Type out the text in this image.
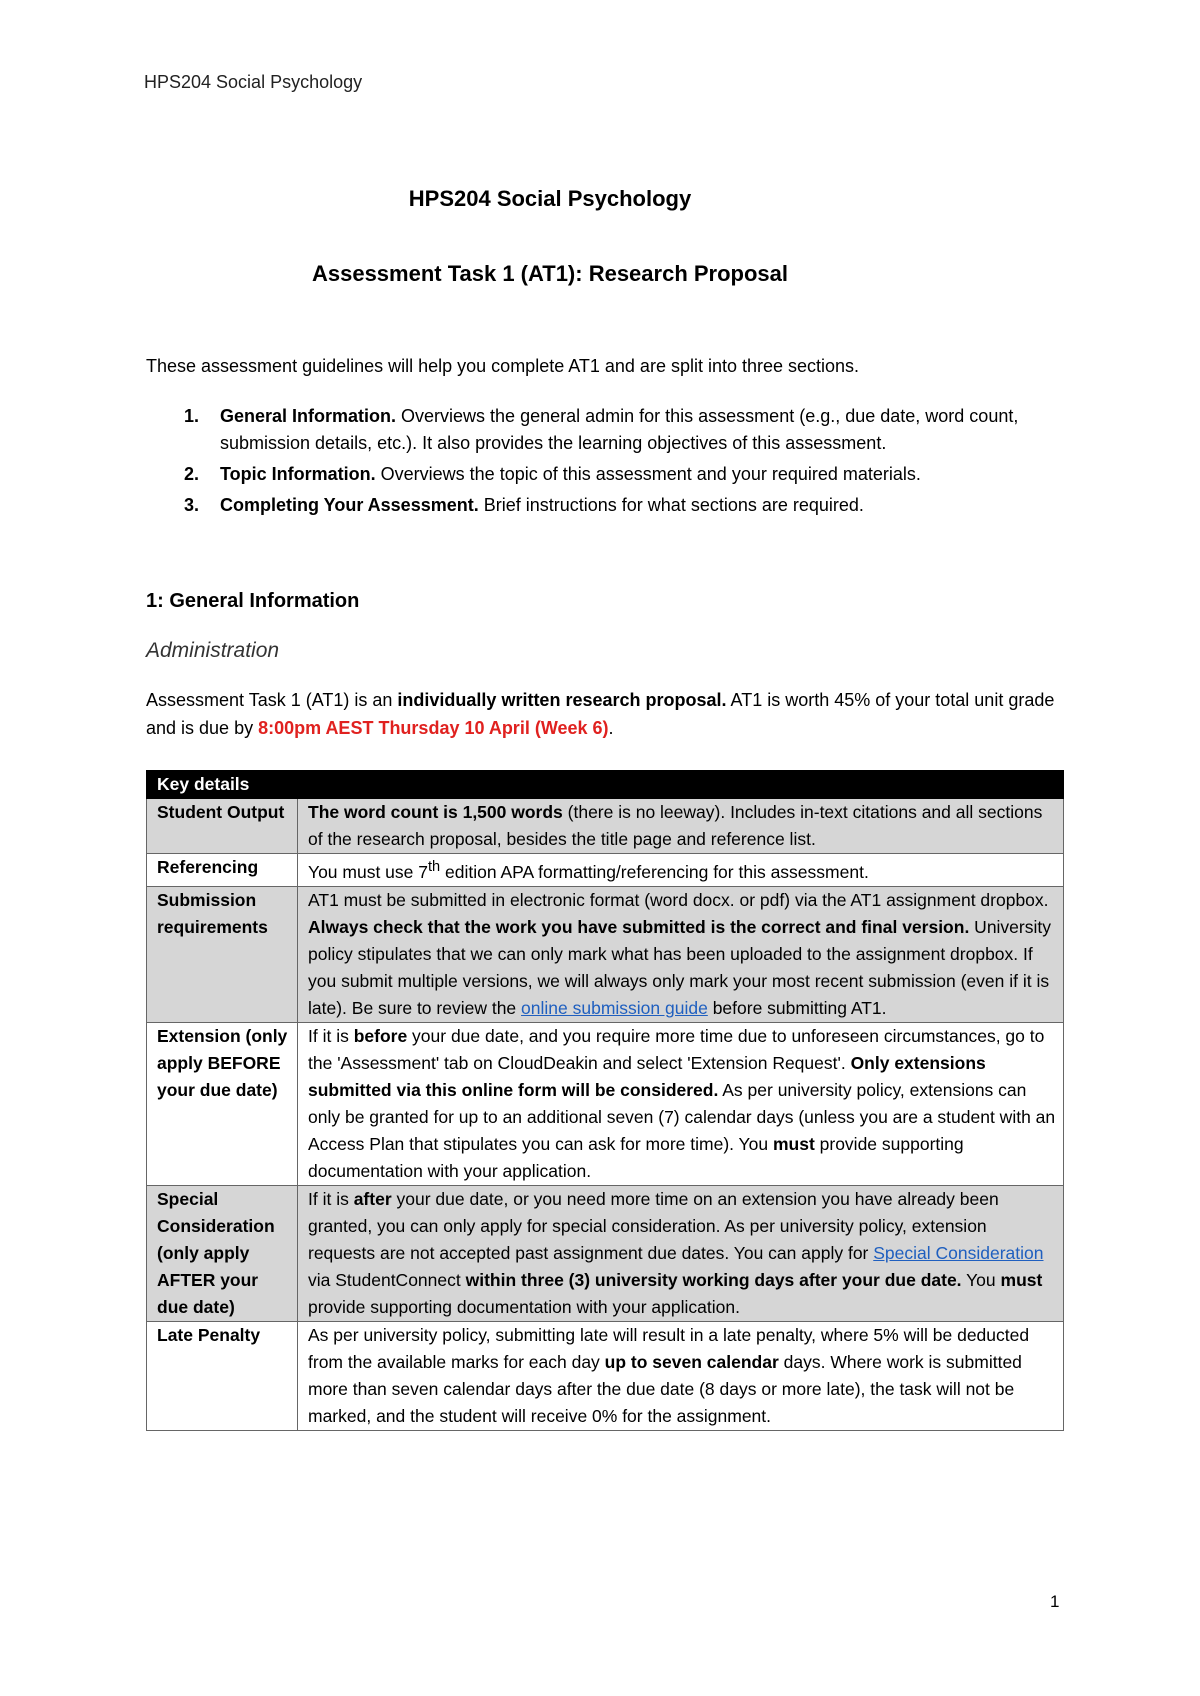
HPS204 Social Psychology
HPS204 Social Psychology
Assessment Task 1 (AT1): Research Proposal
These assessment guidelines will help you complete AT1 and are split into three sections.
1. General Information. Overviews the general admin for this assessment (e.g., due date, word count, submission details, etc.). It also provides the learning objectives of this assessment.
2. Topic Information. Overviews the topic of this assessment and your required materials.
3. Completing Your Assessment. Brief instructions for what sections are required.
1: General Information
Administration
Assessment Task 1 (AT1) is an individually written research proposal. AT1 is worth 45% of your total unit grade and is due by 8:00pm AEST Thursday 10 April (Week 6).
Key details	
Student Output	The word count is 1,500 words (there is no leeway). Includes in-text citations and all sections of the research proposal, besides the title page and reference list.
Referencing	You must use 7th edition APA formatting/referencing for this assessment.
Submission requirements	AT1 must be submitted in electronic format (word docx. or pdf) via the AT1 assignment dropbox. Always check that the work you have submitted is the correct and final version. University policy stipulates that we can only mark what has been uploaded to the assignment dropbox. If you submit multiple versions, we will always only mark your most recent submission (even if it is late). Be sure to review the online submission guide before submitting AT1.
Extension (only apply BEFORE your due date)	If it is before your due date, and you require more time due to unforeseen circumstances, go to the 'Assessment' tab on CloudDeakin and select 'Extension Request'. Only extensions submitted via this online form will be considered. As per university policy, extensions can only be granted for up to an additional seven (7) calendar days (unless you are a student with an Access Plan that stipulates you can ask for more time). You must provide supporting documentation with your application.
Special Consideration (only apply AFTER your due date)	If it is after your due date, or you need more time on an extension you have already been granted, you can only apply for special consideration. As per university policy, extension requests are not accepted past assignment due dates. You can apply for Special Consideration via StudentConnect within three (3) university working days after your due date. You must provide supporting documentation with your application.
Late Penalty	As per university policy, submitting late will result in a late penalty, where 5% will be deducted from the available marks for each day up to seven calendar days. Where work is submitted more than seven calendar days after the due date (8 days or more late), the task will not be marked, and the student will receive 0% for the assignment.
1
